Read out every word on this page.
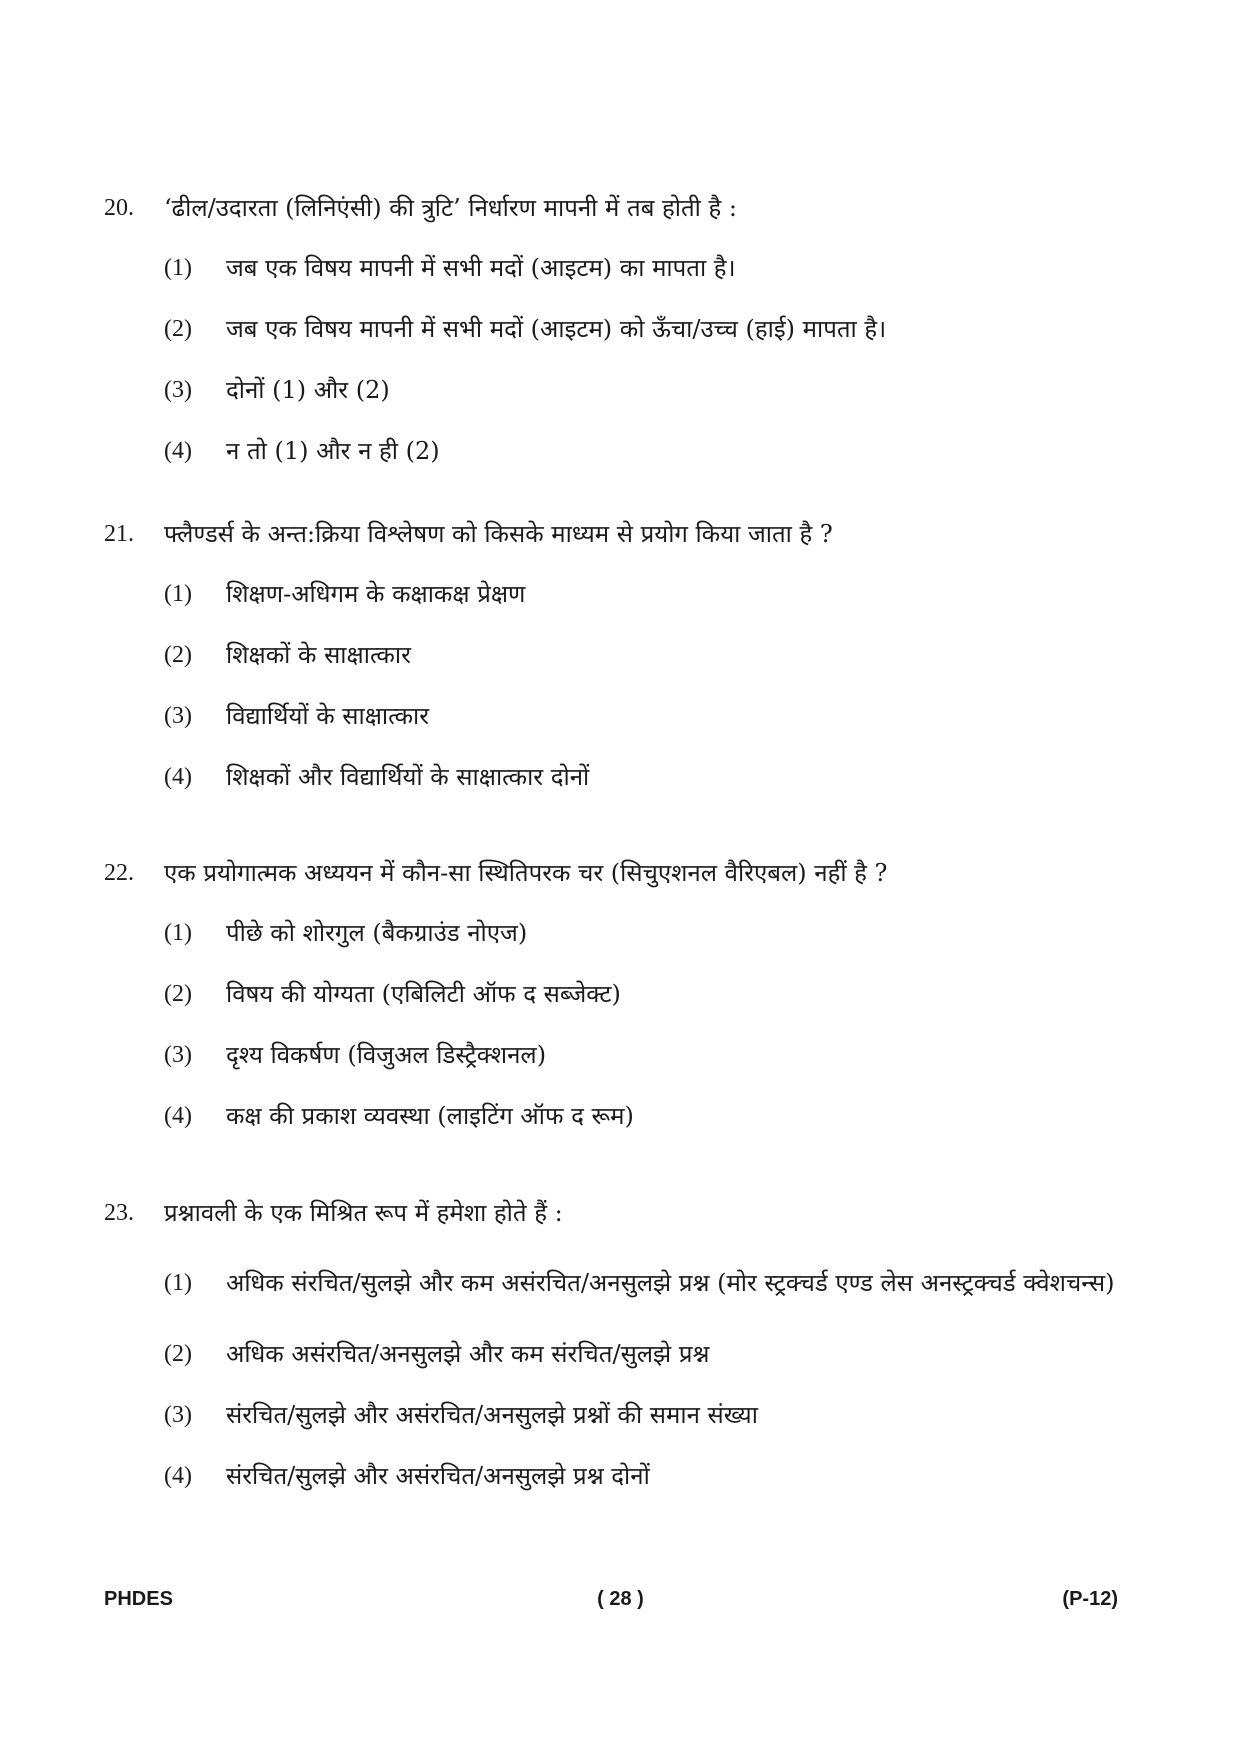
20.	‘ढील/उदारता (लिनिएंसी) की त्रुटि’ निर्धारण मापनी में तब होती है :
(1)	जब एक विषय मापनी में सभी मदों (आइटम) का मापता है।
(2)	जब एक विषय मापनी में सभी मदों (आइटम) को ऊँचा/उच्च (हाई) मापता है।
(3)	दोनों (1) और (2)
(4)	न तो (1) और न ही (2)
21.	फ्लैण्डर्स के अन्त:क्रिया विश्लेषण को किसके माध्यम से प्रयोग किया जाता है ?
(1)	शिक्षण-अधिगम के कक्षाकक्ष प्रेक्षण
(2)	शिक्षकों के साक्षात्कार
(3)	विद्यार्थियों के साक्षात्कार
(4)	शिक्षकों और विद्यार्थियों के साक्षात्कार दोनों
22.	एक प्रयोगात्मक अध्ययन में कौन-सा स्थितिपरक चर (सिचुएशनल वैरिएबल) नहीं है ?
(1)	पीछे को शोरगुल (बैकग्राउंड नोएज)
(2)	विषय की योग्यता (एबिलिटी ऑफ द सब्जेक्ट)
(3)	दृश्य विकर्षण (विजुअल डिस्ट्रैक्शनल)
(4)	कक्ष की प्रकाश व्यवस्था (लाइटिंग ऑफ द रूम)
23.	प्रश्नावली के एक मिश्रित रूप में हमेशा होते हैं :
(1)	अधिक संरचित/सुलझे और कम असंरचित/अनसुलझे प्रश्न (मोर स्ट्रक्चर्ड एण्ड लेस अनस्ट्रक्चर्ड क्वेशचन्स)
(2)	अधिक असंरचित/अनसुलझे और कम संरचित/सुलझे प्रश्न
(3)	संरचित/सुलझे और असंरचित/अनसुलझे प्रश्नों की समान संख्या
(4)	संरचित/सुलझे और असंरचित/अनसुलझे प्रश्न दोनों
PHDES	( 28 )	(P-12)
